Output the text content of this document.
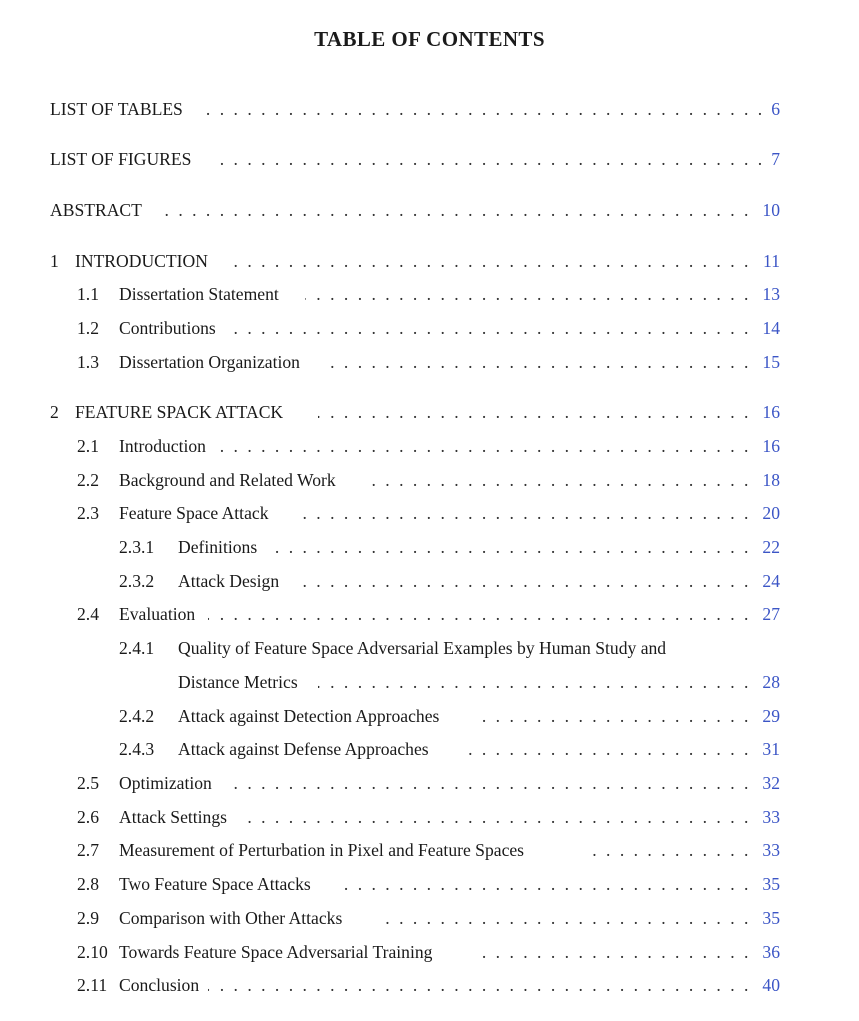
TABLE OF CONTENTS
. . .
LIST OF TABLES	6
. . .
LIST OF FIGURES	7
. . .
ABSTRACT	10
. . .
1 INTRODUCTION	11
. . .
1.1	Dissertation Statement	13
. . .
1.2	Contributions	14
. . .
1.3	Dissertation Organization	15
. . .
2 FEATURE SPACK ATTACK	16
. . .
2.1	Introduction	16
. . .
2.2	Background and Related Work	18
. . .
2.3	Feature Space Attack	20
. . .
2.3.1	Definitions	22
. . .
2.3.2	Attack Design	24
. . .
2.4	Evaluation	27
2.4.1	Quality of Feature Space Adversarial Examples by Human Study and
. . .
Distance Metrics	28
. . .
2.4.2	Attack against Detection Approaches	29
. . .
2.4.3	Attack against Defense Approaches	31
. . .
2.5	Optimization	32
. . .
2.6	Attack Settings	33
. . .
2.7	Measurement of Perturbation in Pixel and Feature Spaces	33
. . .
2.8	Two Feature Space Attacks	35
. . .
2.9	Comparison with Other Attacks	35
. . .
2.10 Towards Feature Space Adversarial Training	36
. . .
2.11 Conclusion	40
